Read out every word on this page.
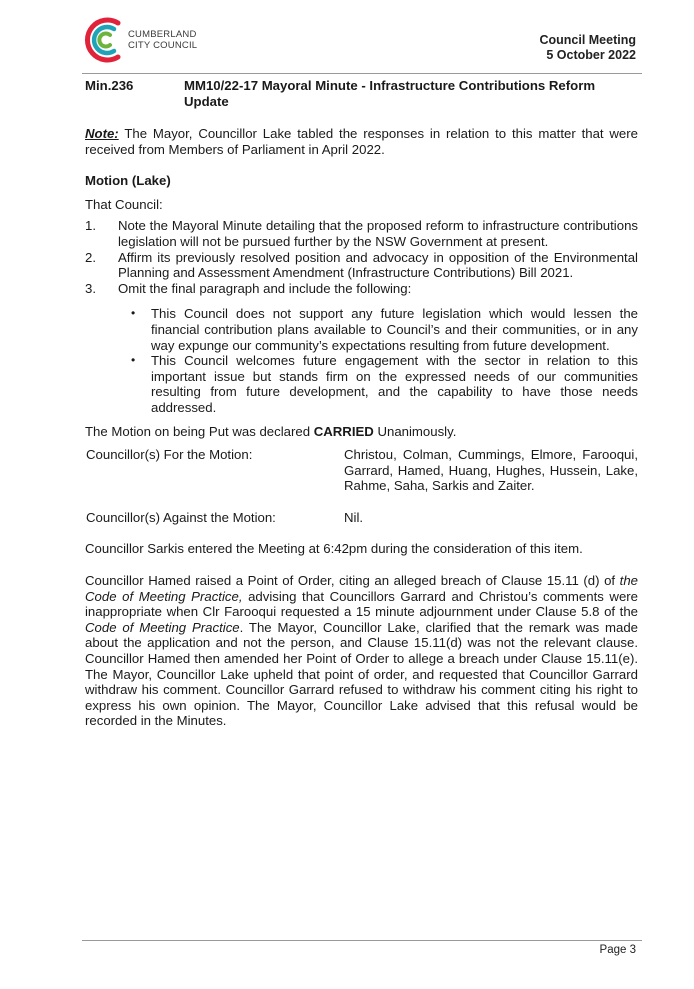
CUMBERLAND
CITY COUNCIL	Council Meeting
5 October 2022
Min.236	MM10/22-17 Mayoral Minute - Infrastructure Contributions Reform Update

Note: The Mayor, Councillor Lake tabled the responses in relation to this matter that were received from Members of Parliament in April 2022.

Motion (Lake)

That Council:

1.	Note the Mayoral Minute detailing that the proposed reform to infrastructure contributions legislation will not be pursued further by the NSW Government at present.
2.	Affirm its previously resolved position and advocacy in opposition of the Environmental Planning and Assessment Amendment (Infrastructure Contributions) Bill 2021.
3.	Omit the final paragraph and include the following:
•	This Council does not support any future legislation which would lessen the financial contribution plans available to Council’s and their communities, or in any way expunge our community’s expectations resulting from future development.
•	This Council welcomes future engagement with the sector in relation to this important issue but stands firm on the expressed needs of our communities resulting from future development, and the capability to have those needs addressed.

The Motion on being Put was declared CARRIED Unanimously.

Councillor(s) For the Motion:	Christou, Colman, Cummings, Elmore, Farooqui, Garrard, Hamed, Huang, Hughes, Hussein, Lake, Rahme, Saha, Sarkis and Zaiter.
Councillor(s) Against the Motion:	Nil.

Councillor Sarkis entered the Meeting at 6:42pm during the consideration of this item.

Councillor Hamed raised a Point of Order, citing an alleged breach of Clause 15.11 (d) of the Code of Meeting Practice, advising that Councillors Garrard and Christou’s comments were inappropriate when Clr Farooqui requested a 15 minute adjournment under Clause 5.8 of the Code of Meeting Practice. The Mayor, Councillor Lake, clarified that the remark was made about the application and not the person, and Clause 15.11(d) was not the relevant clause. Councillor Hamed then amended her Point of Order to allege a breach under Clause 15.11(e). The Mayor, Councillor Lake upheld that point of order, and requested that Councillor Garrard withdraw his comment. Councillor Garrard refused to withdraw his comment citing his right to express his own opinion. The Mayor, Councillor Lake advised that this refusal would be recorded in the Minutes.

Page 3
